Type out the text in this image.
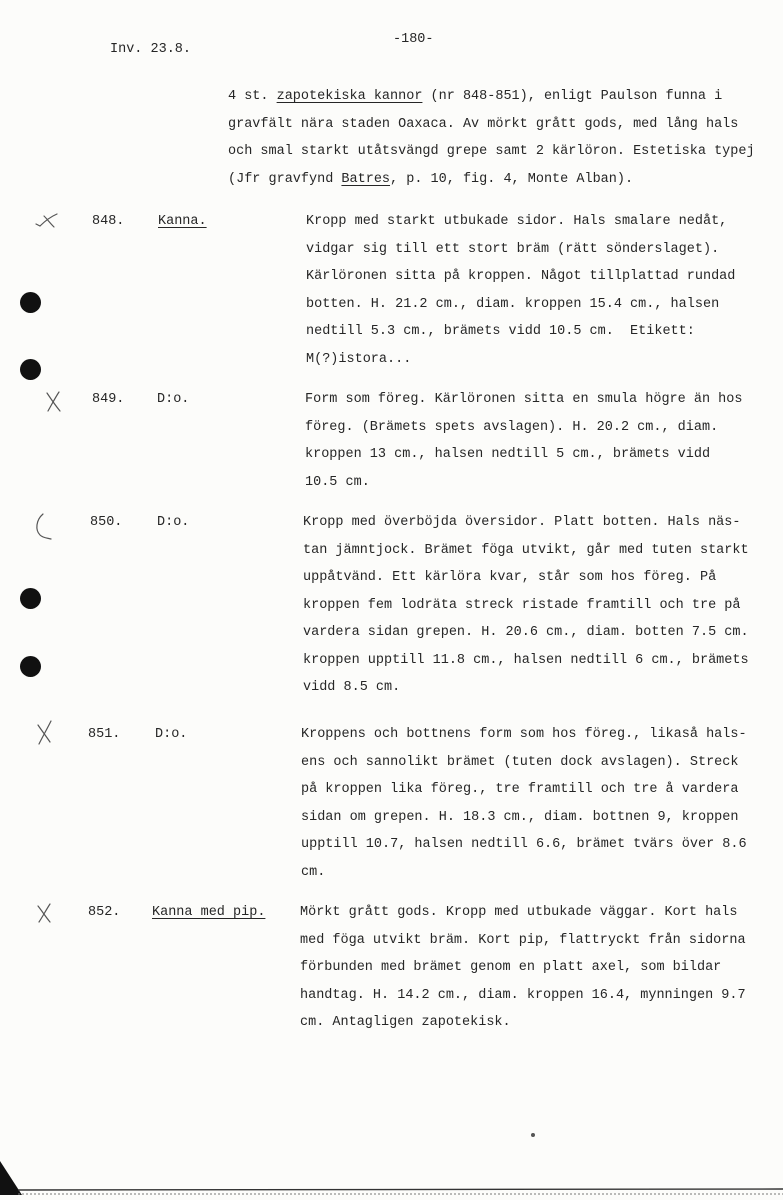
Inv. 23.8.
-180-
4 st. zapotekiska kannor (nr 848-851), enligt Paulson funna i
gravfält nära staden Oaxaca. Av mörkt grått gods, med lång hals
och smal starkt utåtsvängd grepe samt 2 kärlöron. Estetiska typej
(Jfr gravfynd Batres, p. 10, fig. 4, Monte Alban).
848. Kanna.	Kropp med starkt utbukade sidor. Hals smalare nedåt,
vidgar sig till ett stort bräm (rätt sönderslaget).
Kärlöronen sitta på kroppen. Något tillplattad rundad
botten. H. 21.2 cm., diam. kroppen 15.4 cm., halsen
nedtill 5.3 cm., brämets vidd 10.5 cm.  Etikett:
M(?)istora...
849. D:o.	Form som föreg. Kärlöronen sitta en smula högre än hos
föreg. (Brämets spets avslagen). H. 20.2 cm., diam.
kroppen 13 cm., halsen nedtill 5 cm., brämets vidd
10.5 cm.
850.	D:o.	Kropp med överböjda översidor. Platt botten. Hals näs-
tan jämntjock. Brämet föga utvikt, går med tuten starkt
uppåtvänd. Ett kärlöra kvar, står som hos föreg. På
kroppen fem lodräta streck ristade framtill och tre på
vardera sidan grepen. H. 20.6 cm., diam. botten 7.5 cm.
kroppen upptill 11.8 cm., halsen nedtill 6 cm., brämets
vidd 8.5 cm.
851.	D:o.	Kroppens och bottnens form som hos föreg., likaså hals-
ens och sannolikt brämet (tuten dock avslagen). Streck
på kroppen lika föreg., tre framtill och tre å vardera
sidan om grepen. H. 18.3 cm., diam. bottnen 9, kroppen
upptill 10.7, halsen nedtill 6.6, brämet tvärs över 8.6
cm.
852. Kanna med pip.	Mörkt grått gods. Kropp med utbukade väggar. Kort hals
med föga utvikt bräm. Kort pip, flattryckt från sidorna
förbunden med brämet genom en platt axel, som bildar
handtag. H. 14.2 cm., diam. kroppen 16.4, mynningen 9.7
cm. Antagligen zapotekisk.
